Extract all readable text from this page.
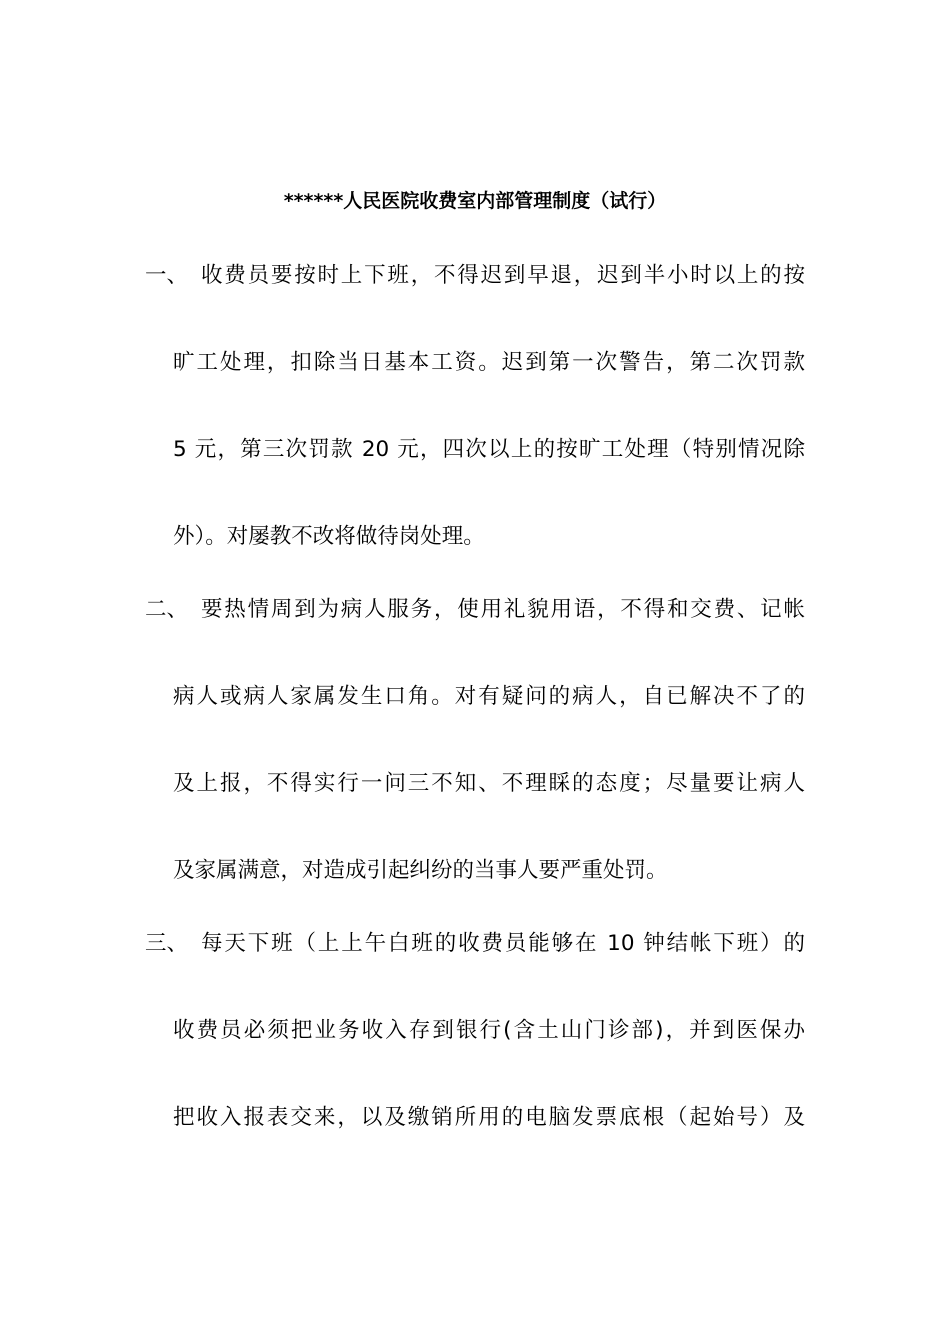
******人民医院收费室内部管理制度（试行）
一、 收费员要按时上下班，不得迟到早退，迟到半小时以上的按
旷工处理，扣除当日基本工资。迟到第一次警告，第二次罚款
5 元，第三次罚款 20 元，四次以上的按旷工处理（特别情况除
外）。对屡教不改将做待岗处理。
二、 要热情周到为病人服务，使用礼貌用语，不得和交费、记帐
病人或病人家属发生口角。对有疑问的病人，自已解决不了的
及上报，不得实行一问三不知、不理睬的态度；尽量要让病人
及家属满意，对造成引起纠纷的当事人要严重处罚。
三、 每天下班（上上午白班的收费员能够在 10 钟结帐下班）的
收费员必须把业务收入存到银行(含土山门诊部)，并到医保办
把收入报表交来，以及缴销所用的电脑发票底根（起始号）及
